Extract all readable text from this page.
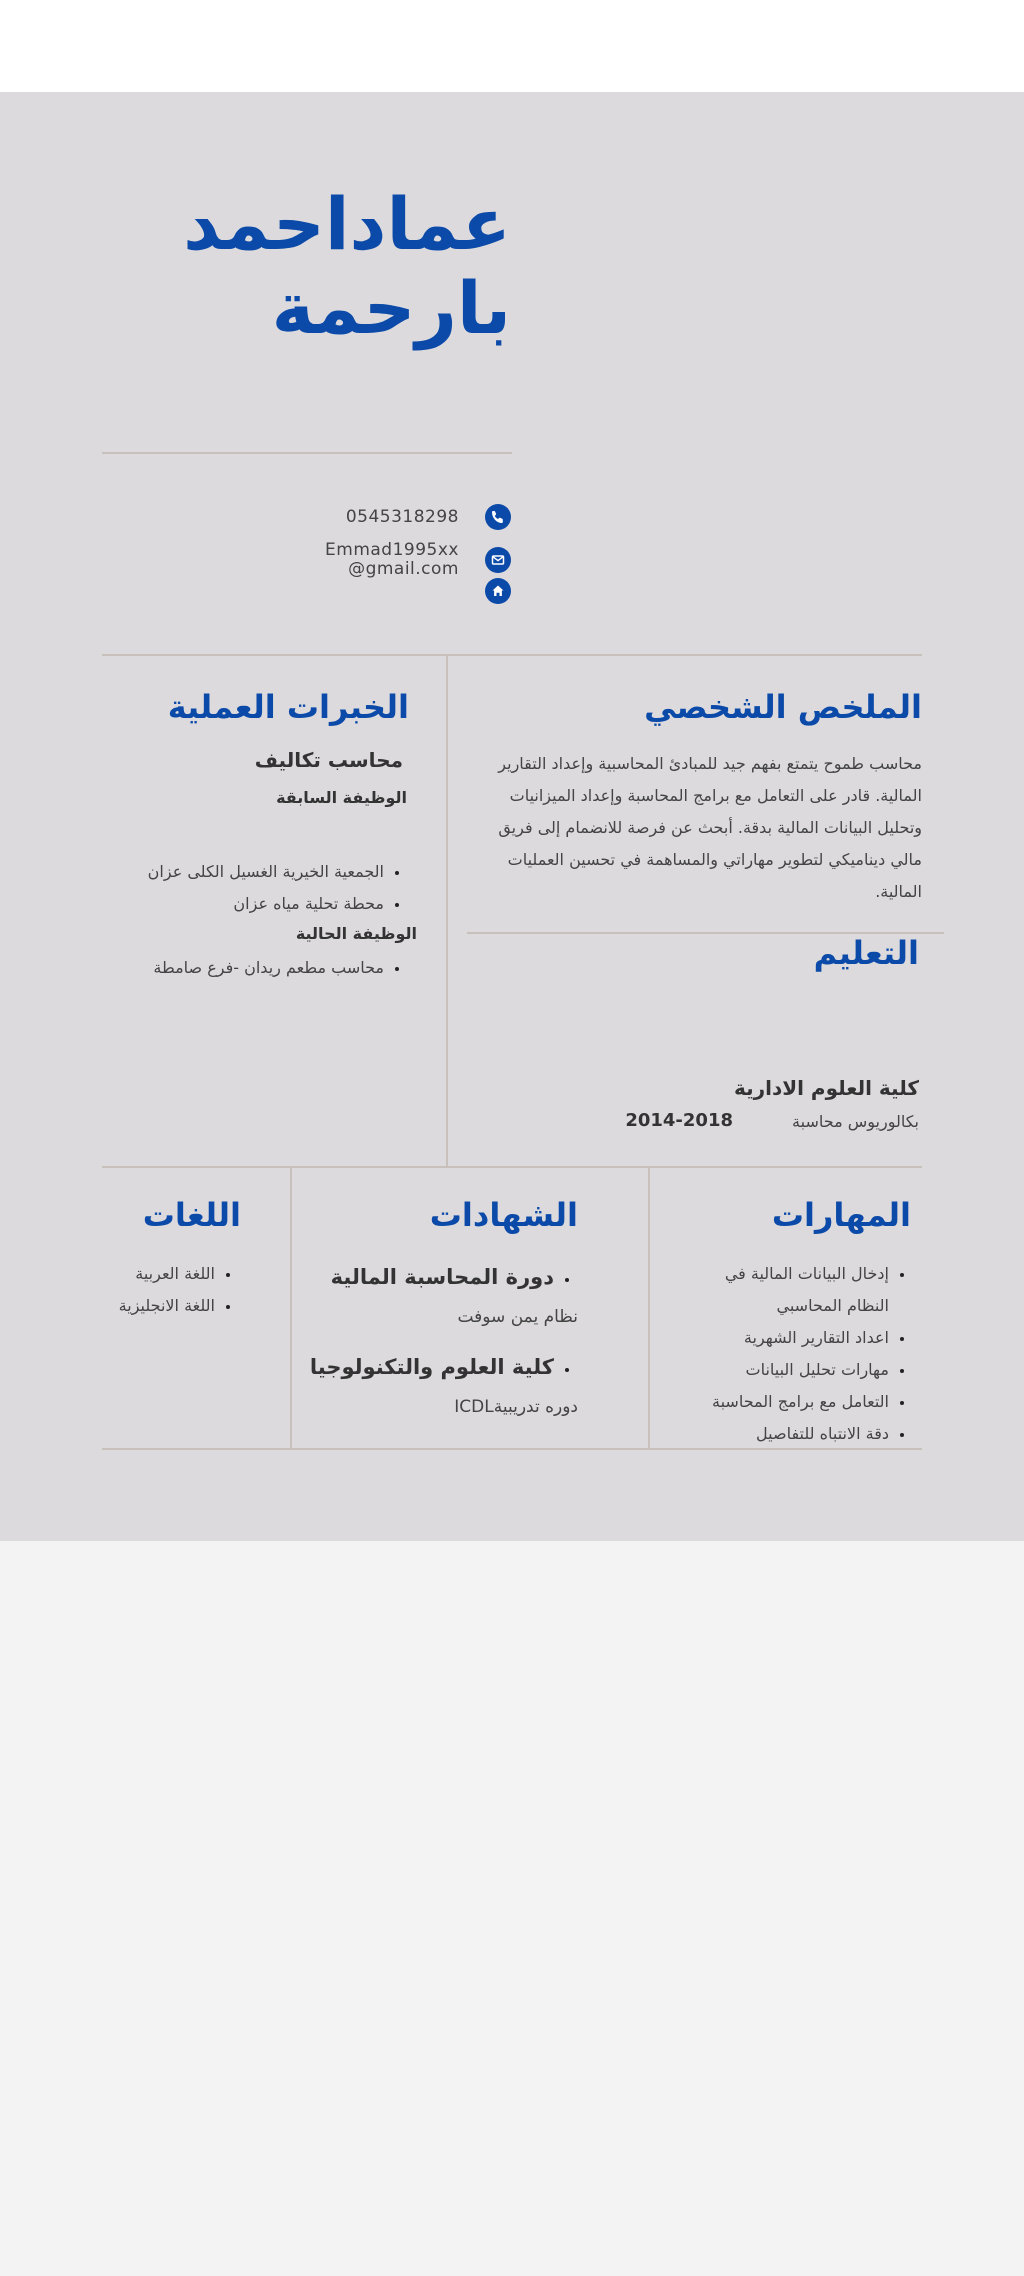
عماداحمد
بارحمة
0545318298
Emmad1995xx
@gmail.com
الملخص الشخصي
محاسب طموح يتمتع بفهم جيد للمبادئ المحاسبية وإعداد التقارير المالية. قادر على التعامل مع برامج المحاسبة وإعداد الميزانيات وتحليل البيانات المالية بدقة. أبحث عن فرصة للانضمام إلى فريق مالي ديناميكي لتطوير مهاراتي والمساهمة في تحسين العمليات المالية.
الخبرات العملية
محاسب تكاليف
الوظيفة السابقة
• الجمعية الخيرية الغسيل الكلى عزان
• محطة تحلية مياه عزان
الوظيفة الحالية
• محاسب مطعم ريدان -فرع صامطة	التعليم
كلية العلوم الادارية
بكالوريوس محاسبة
2014-2018
المهارات
• إدخال البيانات المالية في النظام المحاسبي
• اعداد التقارير الشهرية
• مهارات تحليل البيانات
• التعامل مع برامج المحاسبة
• دقة الانتباه للتفاصيل
الشهادات
• دورة المحاسبة المالية
نظام يمن سوفت
• كلية العلوم والتكنولوجيا
دوره تدريبيةICDL
اللغات
• اللغة العربية
• اللغة الانجليزية
